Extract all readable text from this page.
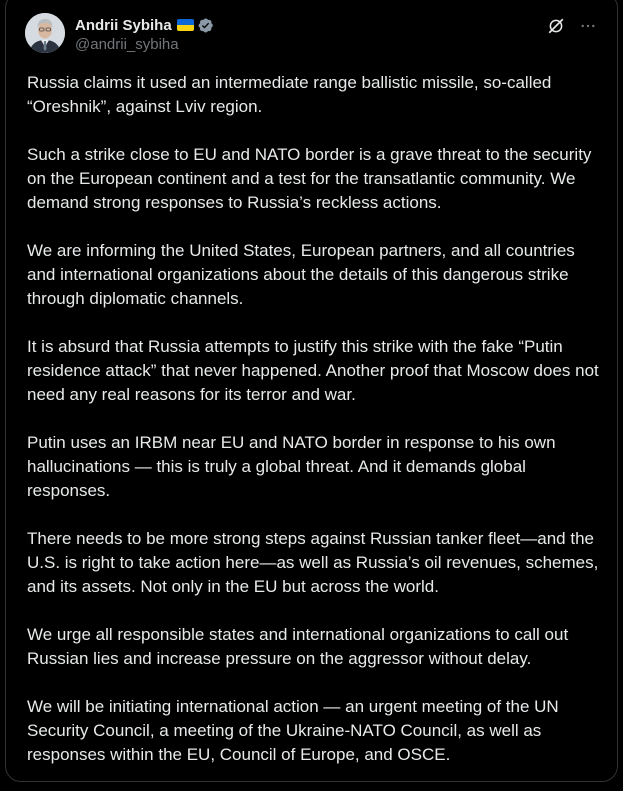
Andrii Sybiha
@andrii_sybiha

Russia claims it used an intermediate range ballistic missile, so-called “Oreshnik”, against Lviv region.

Such a strike close to EU and NATO border is a grave threat to the security on the European continent and a test for the transatlantic community. We demand strong responses to Russia’s reckless actions.

We are informing the United States, European partners, and all countries and international organizations about the details of this dangerous strike through diplomatic channels.

It is absurd that Russia attempts to justify this strike with the fake “Putin residence attack” that never happened. Another proof that Moscow does not need any real reasons for its terror and war.

Putin uses an IRBM near EU and NATO border in response to his own hallucinations — this is truly a global threat. And it demands global responses.

There needs to be more strong steps against Russian tanker fleet—and the U.S. is right to take action here—as well as Russia’s oil revenues, schemes, and its assets. Not only in the EU but across the world.

We urge all responsible states and international organizations to call out Russian lies and increase pressure on the aggressor without delay.

We will be initiating international action — an urgent meeting of the UN Security Council, a meeting of the Ukraine-NATO Council, as well as responses within the EU, Council of Europe, and OSCE.
